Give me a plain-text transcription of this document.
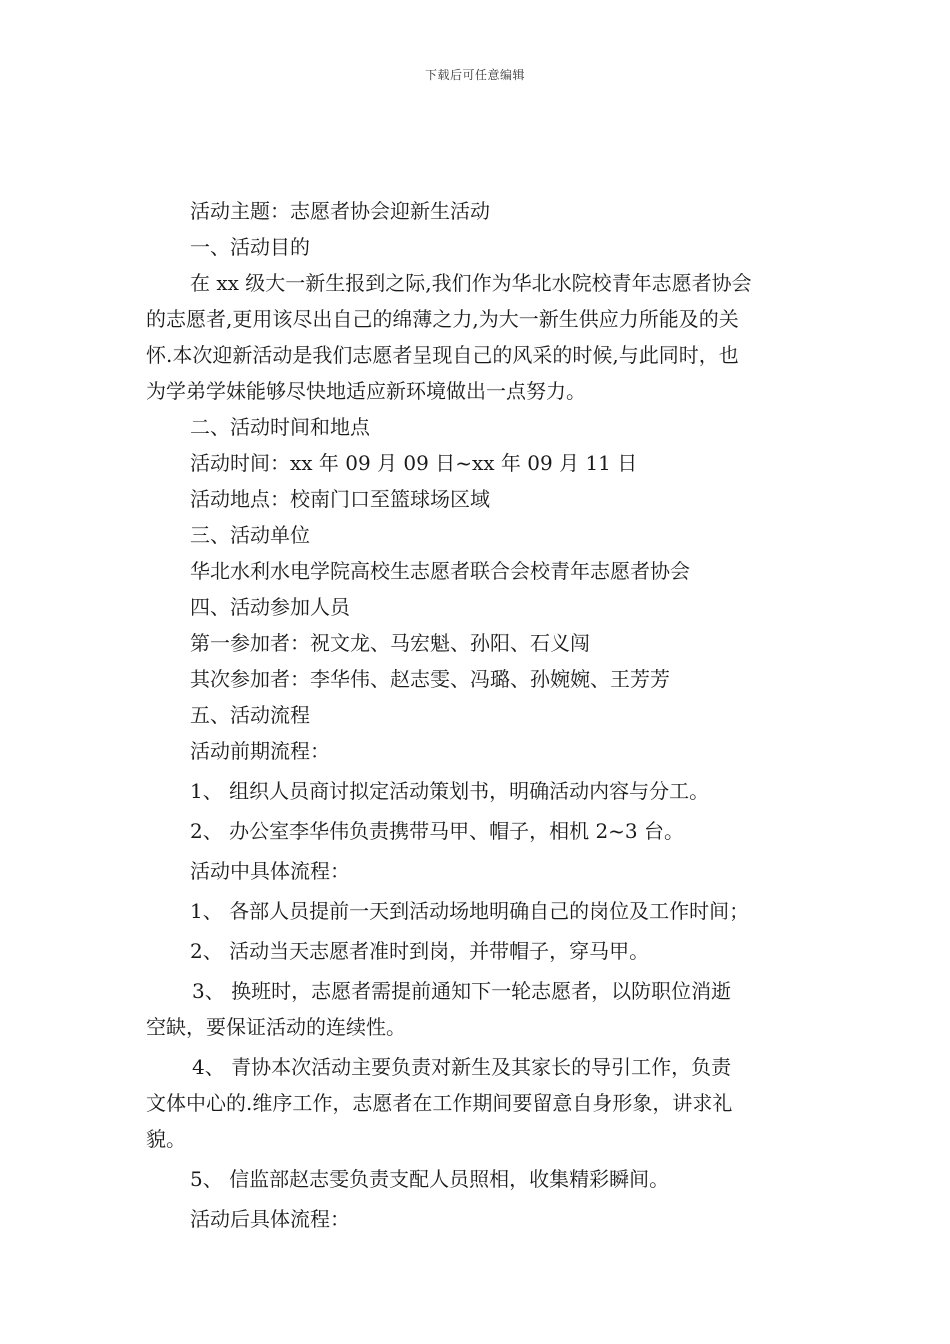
下载后可任意编辑
活动主题：志愿者协会迎新生活动
一、活动目的
在 xx 级大一新生报到之际,我们作为华北水院校青年志愿者协会
的志愿者,更用该尽出自己的绵薄之力,为大一新生供应力所能及的关
怀.本次迎新活动是我们志愿者呈现自己的风采的时候,与此同时，也
为学弟学妹能够尽快地适应新环境做出一点努力。
二、活动时间和地点
活动时间：xx 年 09 月 09 日~xx 年 09 月 11 日
活动地点：校南门口至篮球场区域
三、活动单位
华北水利水电学院高校生志愿者联合会校青年志愿者协会
四、活动参加人员
第一参加者：祝文龙、马宏魁、孙阳、石义闯
其次参加者：李华伟、赵志雯、冯璐、孙婉婉、王芳芳
五、活动流程
活动前期流程：
1、 组织人员商讨拟定活动策划书，明确活动内容与分工。
2、 办公室李华伟负责携带马甲、帽子，相机 2~3 台。
活动中具体流程：
1、 各部人员提前一天到活动场地明确自己的岗位及工作时间；
2、 活动当天志愿者准时到岗，并带帽子，穿马甲。
3、 换班时，志愿者需提前通知下一轮志愿者，以防职位消逝
空缺，要保证活动的连续性。
4、 青协本次活动主要负责对新生及其家长的导引工作，负责
文体中心的.维序工作，志愿者在工作期间要留意自身形象，讲求礼
貌。
5、 信监部赵志雯负责支配人员照相，收集精彩瞬间。
活动后具体流程：
